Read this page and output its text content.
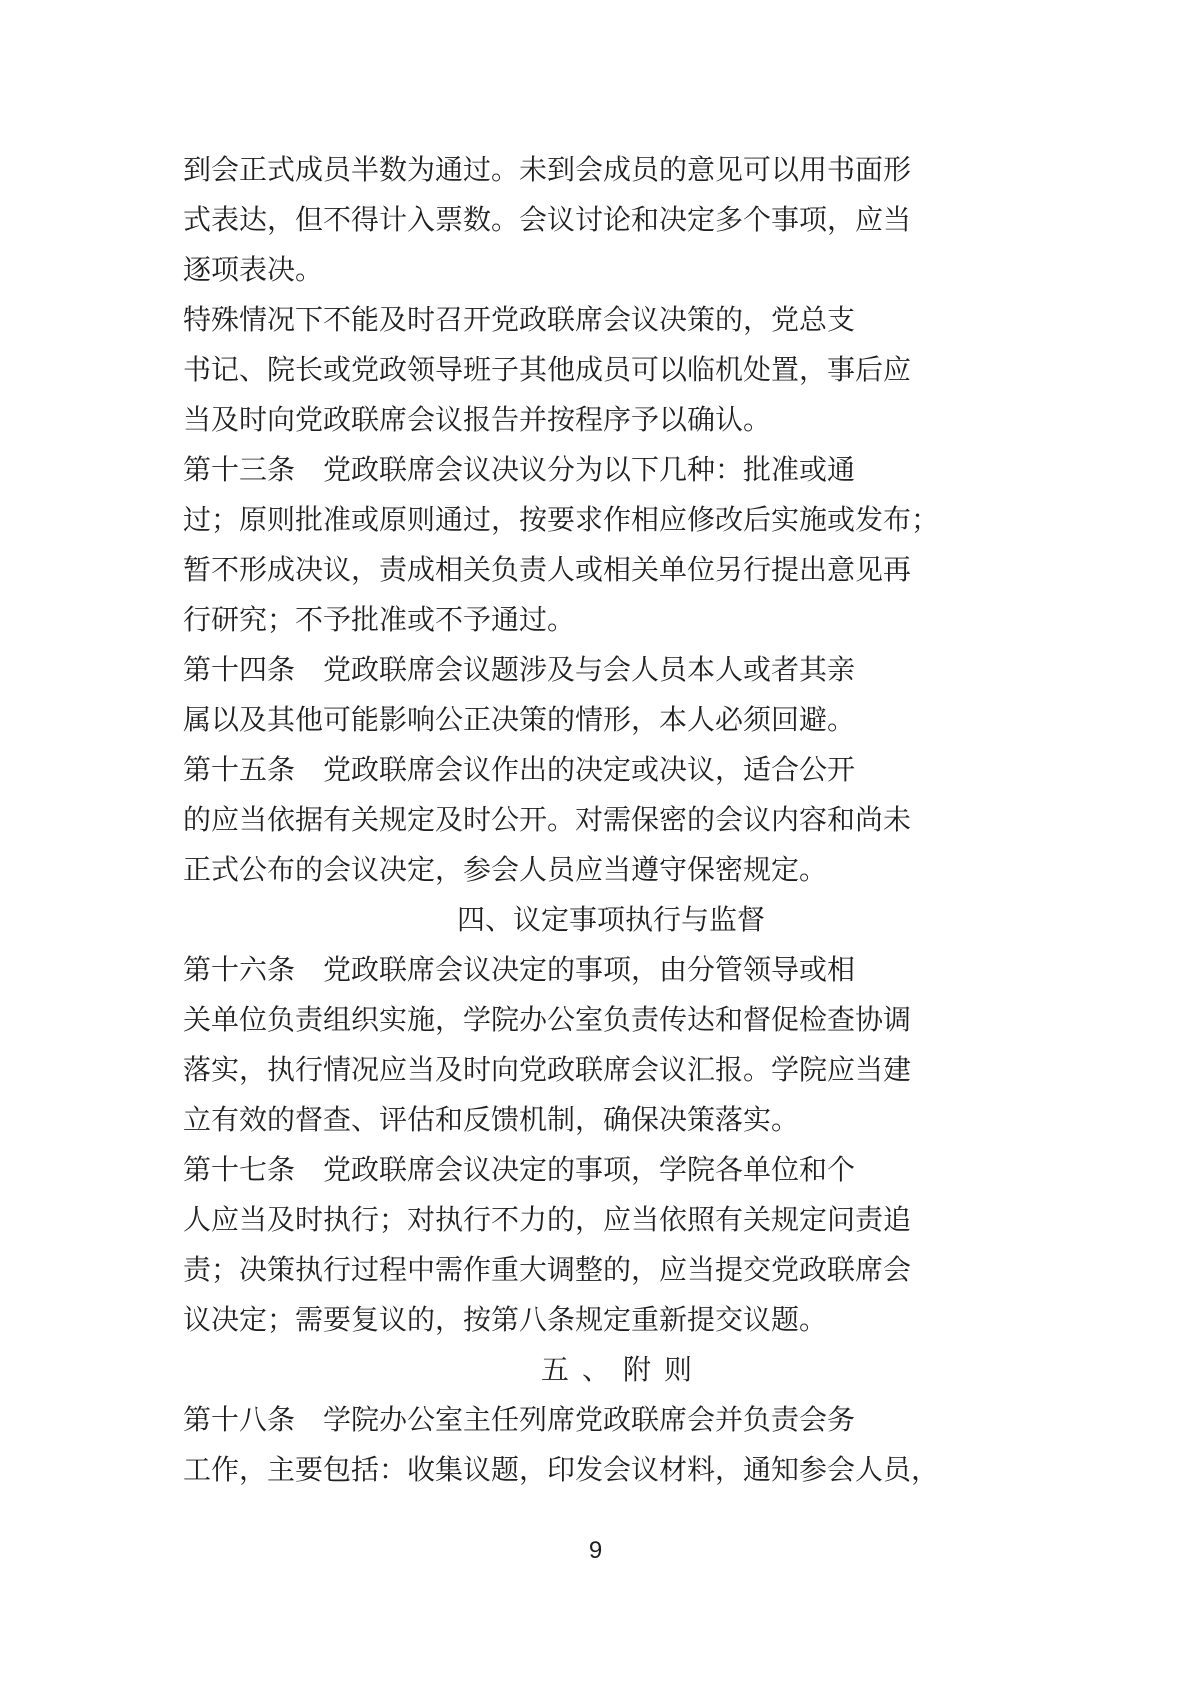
到会正式成员半数为通过。未到会成员的意见可以用书面形
式表达，但不得计入票数。会议讨论和决定多个事项，应当
逐项表决。
特殊情况下不能及时召开党政联席会议决策的，党总支
书记、院长或党政领导班子其他成员可以临机处置，事后应
当及时向党政联席会议报告并按程序予以确认。
第十三条　党政联席会议决议分为以下几种：批准或通
过；原则批准或原则通过，按要求作相应修改后实施或发布；
暂不形成决议，责成相关负责人或相关单位另行提出意见再
行研究；不予批准或不予通过。
第十四条　党政联席会议题涉及与会人员本人或者其亲
属以及其他可能影响公正决策的情形，本人必须回避。
第十五条　党政联席会议作出的决定或决议，适合公开
的应当依据有关规定及时公开。对需保密的会议内容和尚未
正式公布的会议决定，参会人员应当遵守保密规定。
四、议定事项执行与监督
第十六条　党政联席会议决定的事项，由分管领导或相
关单位负责组织实施，学院办公室负责传达和督促检查协调
落实，执行情况应当及时向党政联席会议汇报。学院应当建
立有效的督查、评估和反馈机制，确保决策落实。
第十七条　党政联席会议决定的事项，学院各单位和个
人应当及时执行；对执行不力的，应当依照有关规定问责追
责；决策执行过程中需作重大调整的，应当提交党政联席会
议决定；需要复议的，按第八条规定重新提交议题。
五、附则
第十八条　学院办公室主任列席党政联席会并负责会务
工作，主要包括：收集议题，印发会议材料，通知参会人员，
9
